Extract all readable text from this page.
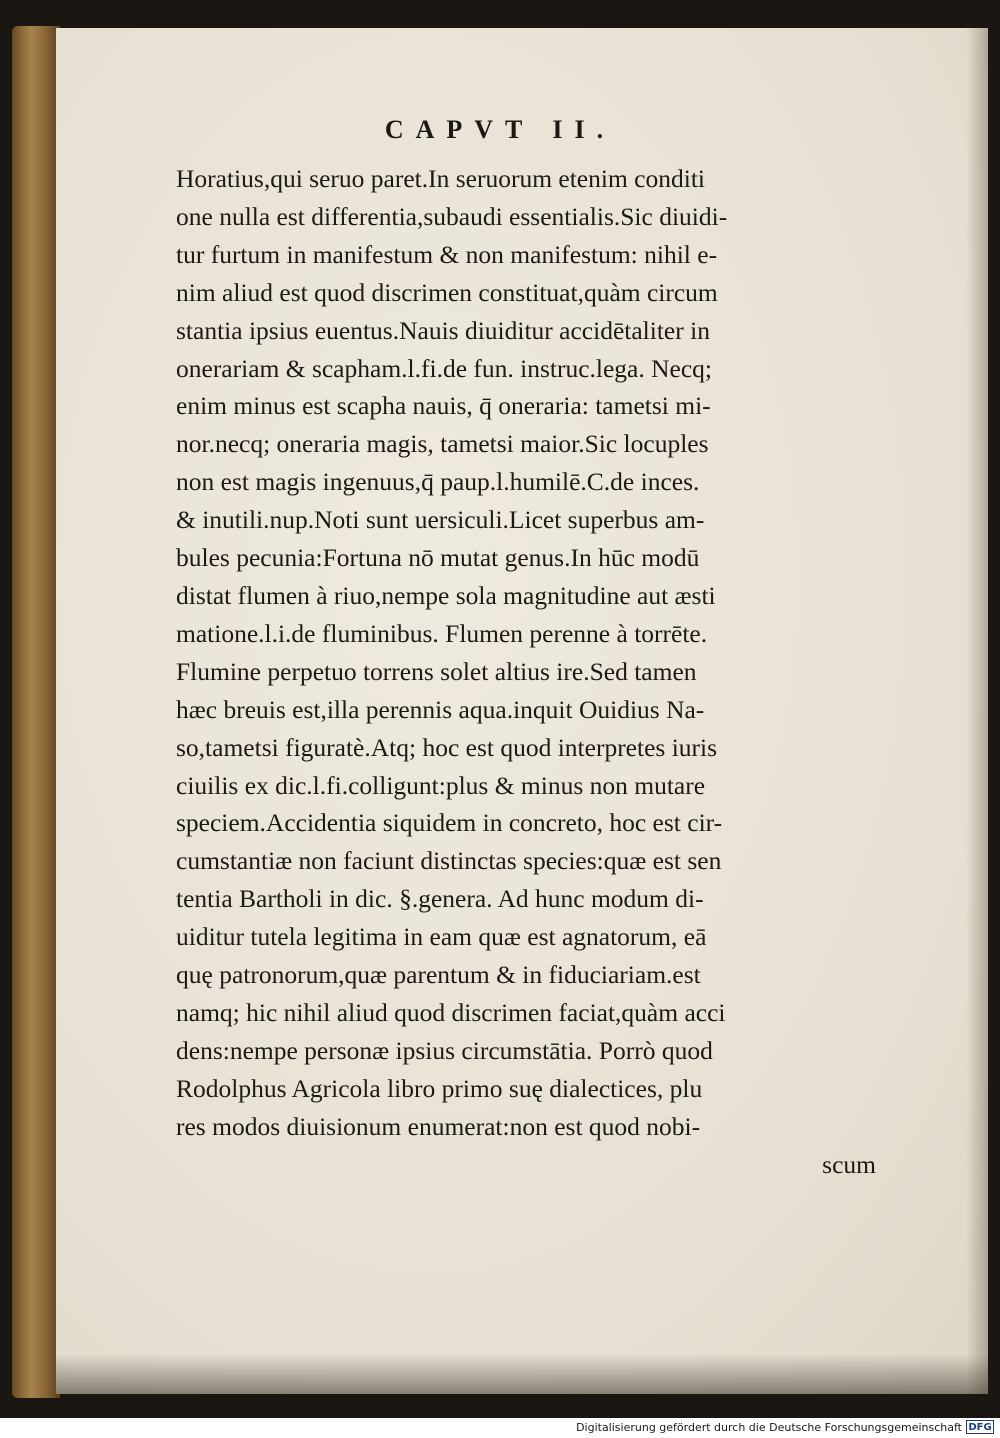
CAPVT II.
Horatius,qui seruo paret.In seruorum etenim conditi
one nulla est differentia,subaudi essentialis.Sic diuidi-
tur furtum in manifestum & non manifestum: nihil e-
nim aliud est quod discrimen constituat,quàm circum
stantia ipsius euentus.Nauis diuiditur accidētaliter in
onerariam & scapham.l.fi.de fun. instruc.lega. Necq;
enim minus est scapha nauis, q̄ oneraria: tametsi mi-
nor.necq; oneraria magis, tametsi maior.Sic locuples
non est magis ingenuus,q̄ paup.l.humilē.C.de inces.
& inutili.nup.Noti sunt uersiculi.Licet superbus am-
bules pecunia:Fortuna nō mutat genus.In hūc modū
distat flumen à riuo,nempe sola magnitudine aut æsti
matione.l.i.de fluminibus. Flumen perenne à torrēte.
Flumine perpetuo torrens solet altius ire.Sed tamen
hæc breuis est,illa perennis aqua.inquit Ouidius Na-
so,tametsi figuratè.Atq; hoc est quod interpretes iuris
ciuilis ex dic.l.fi.colligunt:plus & minus non mutare
speciem.Accidentia siquidem in concreto, hoc est cir-
cumstantiæ non faciunt distinctas species:quæ est sen
tentia Bartholi in dic. §.genera. Ad hunc modum di-
uiditur tutela legitima in eam quæ est agnatorum, eā
quę patronorum,quæ parentum & in fiduciariam.est
namq; hic nihil aliud quod discrimen faciat,quàm acci
dens:nempe personæ ipsius circumstātia. Porrò quod
Rodolphus Agricola libro primo suę dialectices, plu
res modos diuisionum enumerat:non est quod nobi-
scum
Digitalisierung gefördert durch die Deutsche Forschungsgemeinschaft DFG
